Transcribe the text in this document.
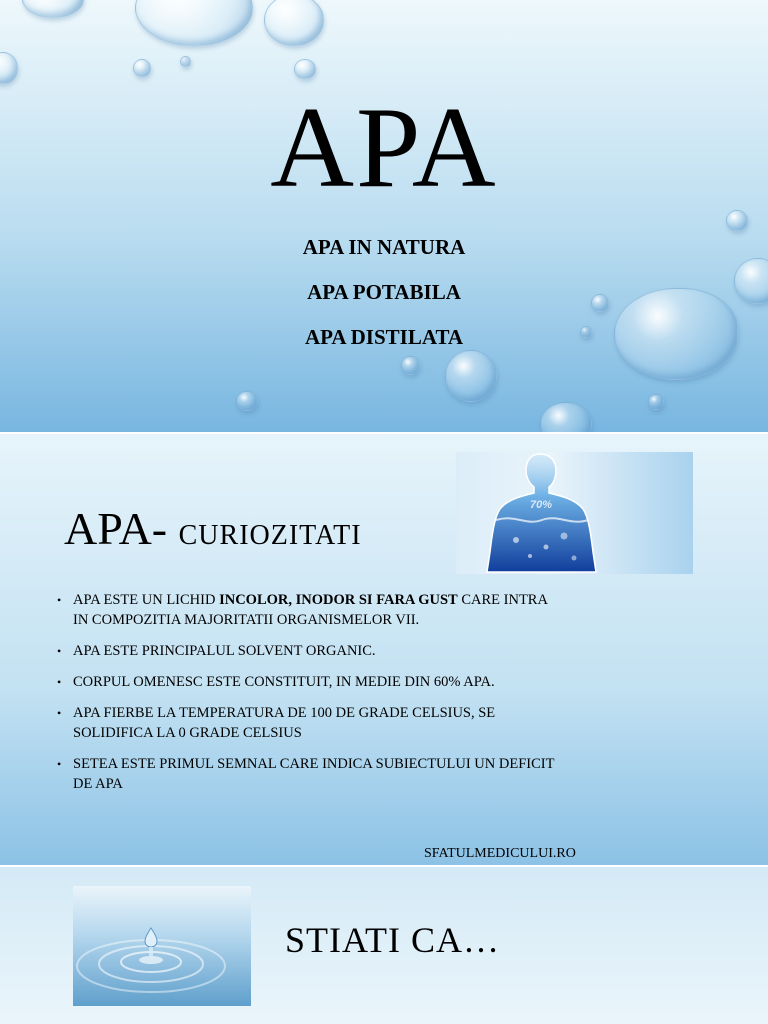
APA
APA IN NATURA
APA POTABILA
APA DISTILATA
APA- CURIOZITATI
70%
• APA ESTE UN LICHID INCOLOR, INODOR SI FARA GUST CARE INTRA IN COMPOZITIA MAJORITATII ORGANISMELOR VII.
• APA ESTE PRINCIPALUL SOLVENT ORGANIC.
• CORPUL OMENESC ESTE CONSTITUIT, IN MEDIE DIN 60% APA.
• APA FIERBE LA TEMPERATURA DE 100 DE GRADE CELSIUS, SE SOLIDIFICA LA 0 GRADE CELSIUS
• SETEA ESTE PRIMUL SEMNAL CARE INDICA SUBIECTULUI UN DEFICIT DE APA
SFATULMEDICULUI.RO
STIATI CA…
